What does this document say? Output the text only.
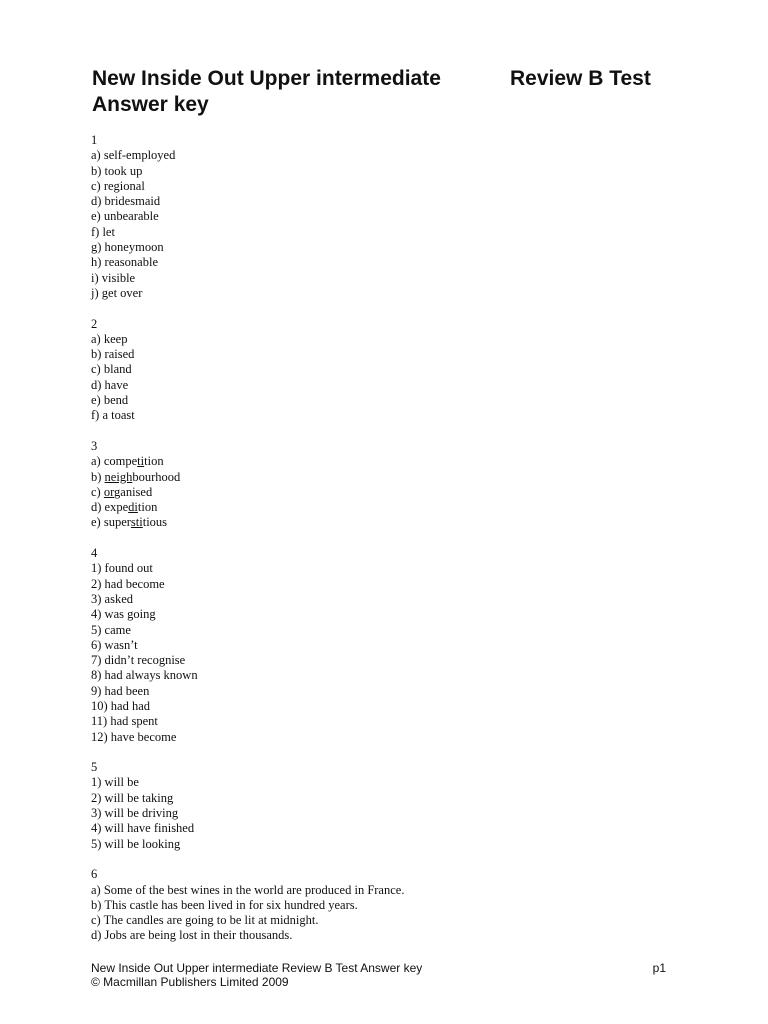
New Inside Out Upper intermediate	Review B Test
Answer key
1
a) self-employed
b) took up
c) regional
d) bridesmaid
e) unbearable
f) let
g) honeymoon
h) reasonable
i) visible
j) get over
2
a) keep
b) raised
c) bland
d) have
e) bend
f) a toast
3
a) competition
b) neighbourhood
c) organised
d) expedition
e) superstitious
4
1) found out
2) had become
3) asked
4) was going
5) came
6) wasn’t
7) didn’t recognise
8) had always known
9) had been
10) had had
11) had spent
12) have become
5
1) will be
2) will be taking
3) will be driving
4) will have finished
5) will be looking
6
a) Some of the best wines in the world are produced in France.
b) This castle has been lived in for six hundred years.
c) The candles are going to be lit at midnight.
d) Jobs are being lost in their thousands.
New Inside Out Upper intermediate Review B Test Answer key
© Macmillan Publishers Limited 2009
p1
